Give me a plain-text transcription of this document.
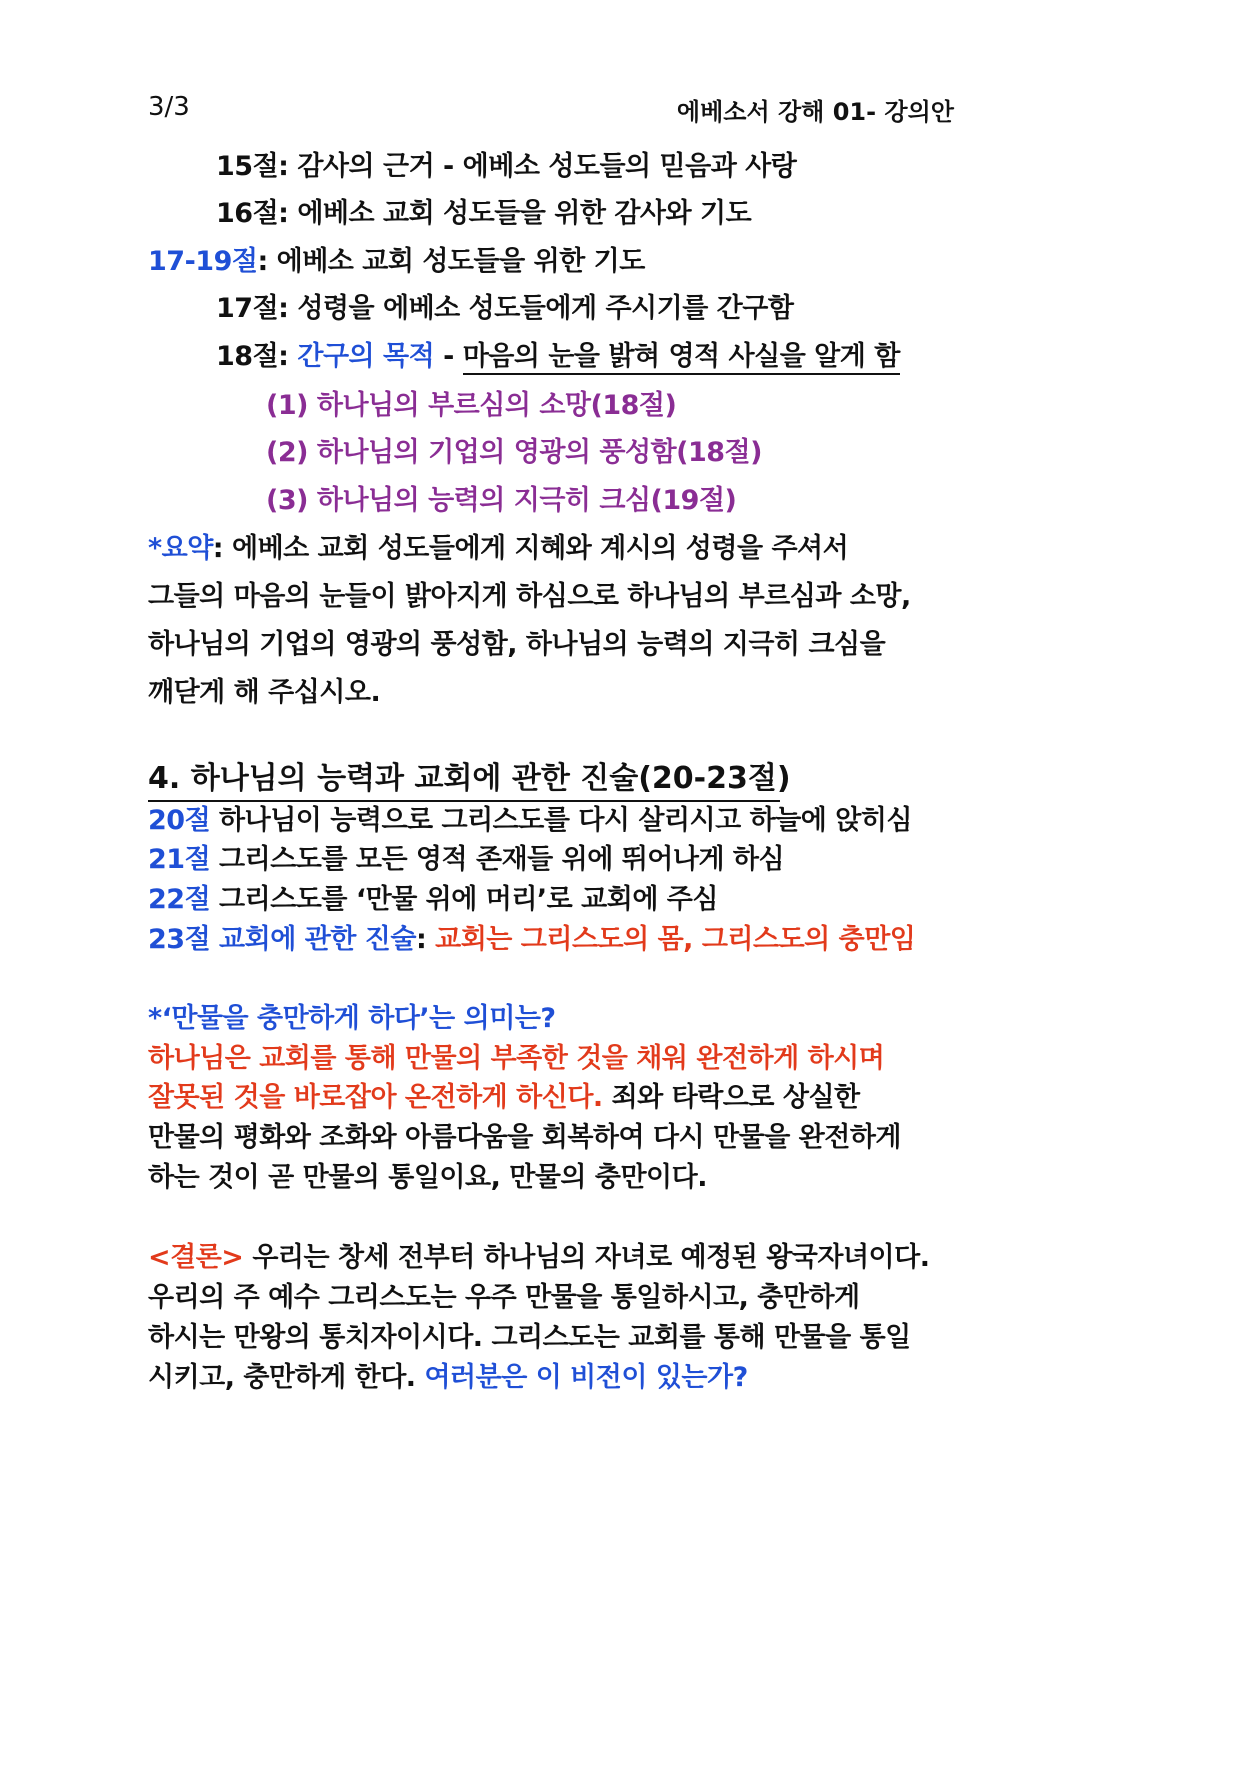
3/3	에베소서 강해 01- 강의안
15절: 감사의 근거 - 에베소 성도들의 믿음과 사랑
16절: 에베소 교회 성도들을 위한 감사와 기도
17-19절: 에베소 교회 성도들을 위한 기도
17절: 성령을 에베소 성도들에게 주시기를 간구함
18절: 간구의 목적 - 마음의 눈을 밝혀 영적 사실을 알게 함
(1) 하나님의 부르심의 소망(18절)
(2) 하나님의 기업의 영광의 풍성함(18절)
(3) 하나님의 능력의 지극히 크심(19절)
*요약: 에베소 교회 성도들에게 지혜와 계시의 성령을 주셔서
그들의 마음의 눈들이 밝아지게 하심으로 하나님의 부르심과 소망,
하나님의 기업의 영광의 풍성함, 하나님의 능력의 지극히 크심을
깨닫게 해 주십시오.
4. 하나님의 능력과 교회에 관한 진술(20-23절)
20절 하나님이 능력으로 그리스도를 다시 살리시고 하늘에 앉히심
21절 그리스도를 모든 영적 존재들 위에 뛰어나게 하심
22절 그리스도를 ‘만물 위에 머리’로 교회에 주심
23절 교회에 관한 진술: 교회는 그리스도의 몸, 그리스도의 충만임
*‘만물을 충만하게 하다’는 의미는?
하나님은 교회를 통해 만물의 부족한 것을 채워 완전하게 하시며
잘못된 것을 바로잡아 온전하게 하신다. 죄와 타락으로 상실한
만물의 평화와 조화와 아름다움을 회복하여 다시 만물을 완전하게
하는 것이 곧 만물의 통일이요, 만물의 충만이다.
<결론> 우리는 창세 전부터 하나님의 자녀로 예정된 왕국자녀이다.
우리의 주 예수 그리스도는 우주 만물을 통일하시고, 충만하게
하시는 만왕의 통치자이시다. 그리스도는 교회를 통해 만물을 통일
시키고, 충만하게 한다. 여러분은 이 비전이 있는가?
